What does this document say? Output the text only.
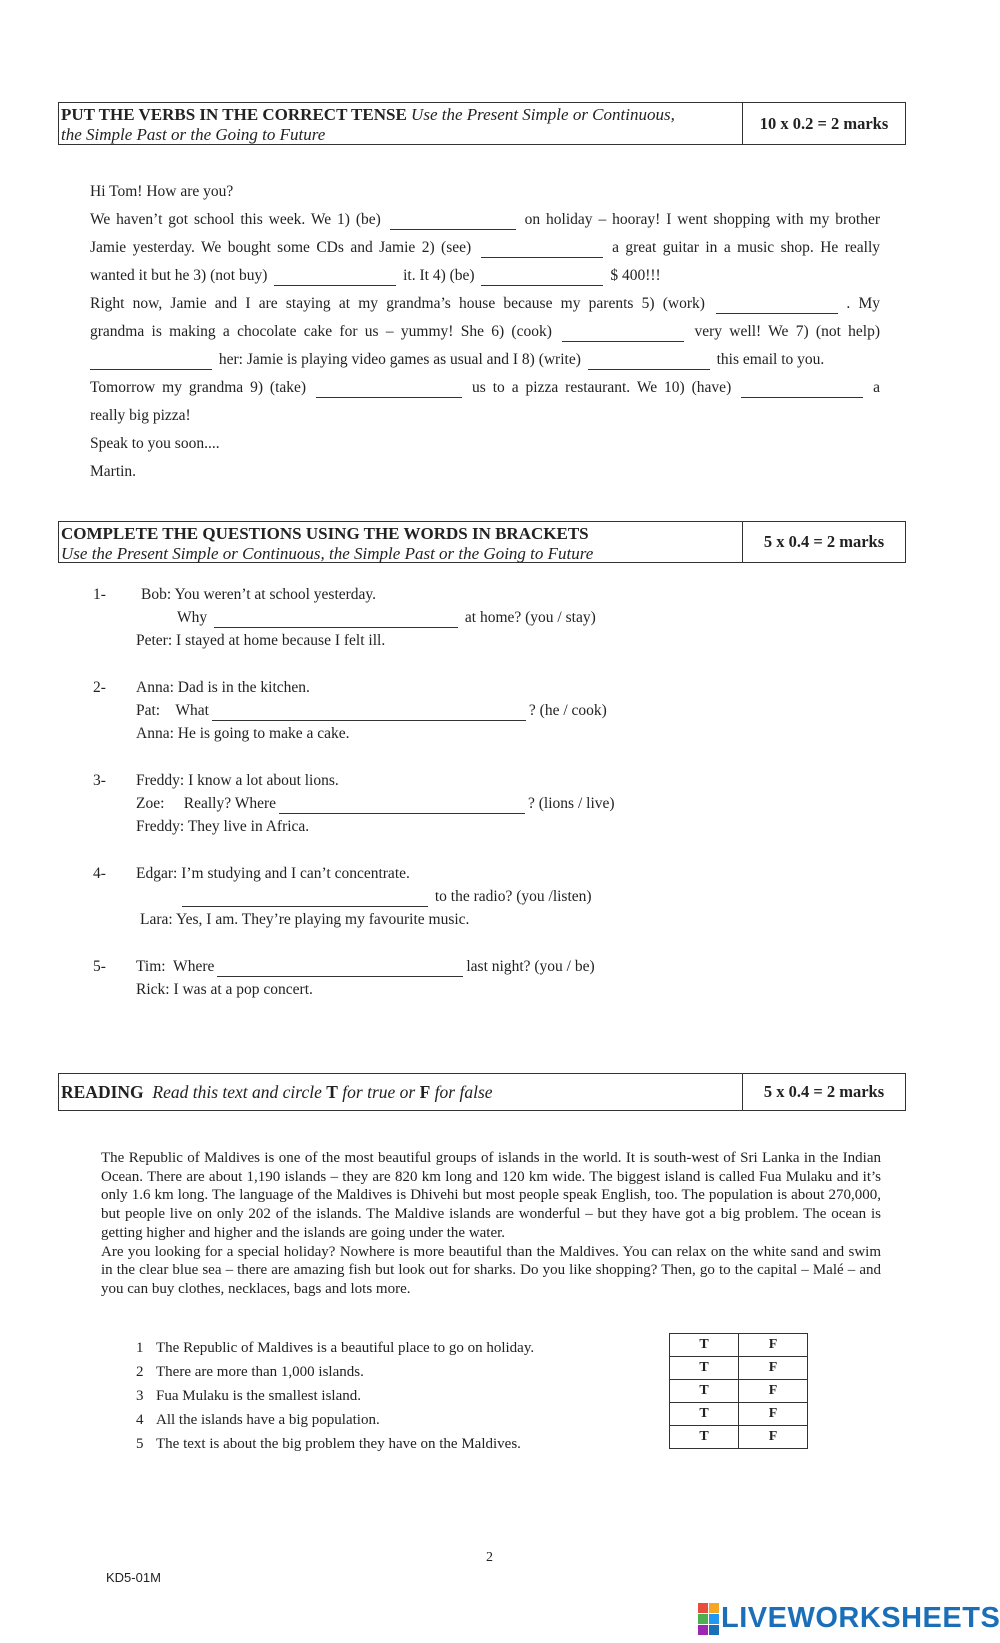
PUT THE VERBS IN THE CORRECT TENSE Use the Present Simple or Continuous,
the Simple Past or the Going to Future
10 x 0.2 = 2 marks
Hi Tom! How are you?
We haven’t got school this week. We 1) (be)	on holiday – hooray! I went shopping with my brother
Jamie yesterday. We bought some CDs and Jamie 2) (see)	a great guitar in a music shop. He really
wanted it but he 3) (not buy)	it. It 4) (be)	$ 400!!!
Right now, Jamie and I are staying at my grandma’s house because my parents 5) (work)	. My
grandma is making a chocolate cake for us – yummy! She 6) (cook)	very well! We 7) (not help)
her: Jamie is playing video games as usual and I 8) (write)	this email to you.
Tomorrow my grandma 9) (take)	us to a pizza restaurant. We 10) (have)	a
really big pizza!
Speak to you soon....
Martin.
COMPLETE THE QUESTIONS USING THE WORDS IN BRACKETS
Use the Present Simple or Continuous, the Simple Past or the Going to Future
5 x 0.4 = 2 marks
1- Bob: You weren’t at school yesterday.
Why	at home? (you / stay)
Peter: I stayed at home because I felt ill.
2- Anna: Dad is in the kitchen.
Pat:    What	? (he / cook)
Anna: He is going to make a cake.
3- Freddy: I know a lot about lions.
Zoe:     Really? Where	? (lions / live)
Freddy: They live in Africa.
4- Edgar: I’m studying and I can’t concentrate.
to the radio? (you /listen)
Lara: Yes, I am. They’re playing my favourite music.
5- Tim:  Where	last night? (you / be)
Rick: I was at a pop concert.
READING Read this text and circle T for true or F for false	5 x 0.4 = 2 marks
The Republic of Maldives is one of the most beautiful groups of islands in the world. It is south-west of Sri Lanka in the Indian Ocean. There are about 1,190 islands – they are 820 km long and 120 km wide. The biggest island is called Fua Mulaku and it’s only 1.6 km long. The language of the Maldives is Dhivehi but most people speak English, too. The population is about 270,000, but people live on only 202 of the islands. The Maldive islands are wonderful – but they have got a big problem. The ocean is getting higher and higher and the islands are going under the water.
Are you looking for a special holiday? Nowhere is more beautiful than the Maldives. You can relax on the white sand and swim in the clear blue sea – there are amazing fish but look out for sharks. Do you like shopping? Then, go to the capital – Malé – and you can buy clothes, necklaces, bags and lots more.
1 The Republic of Maldives is a beautiful place to go on holiday.
2 There are more than 1,000 islands.
3 Fua Mulaku is the smallest island.
4 All the islands have a big population.
5 The text is about the big problem they have on the Maldives.
T	F
T	F
T	F
T	F
T	F
2
KD5-01M
LIVEWORKSHEETS
